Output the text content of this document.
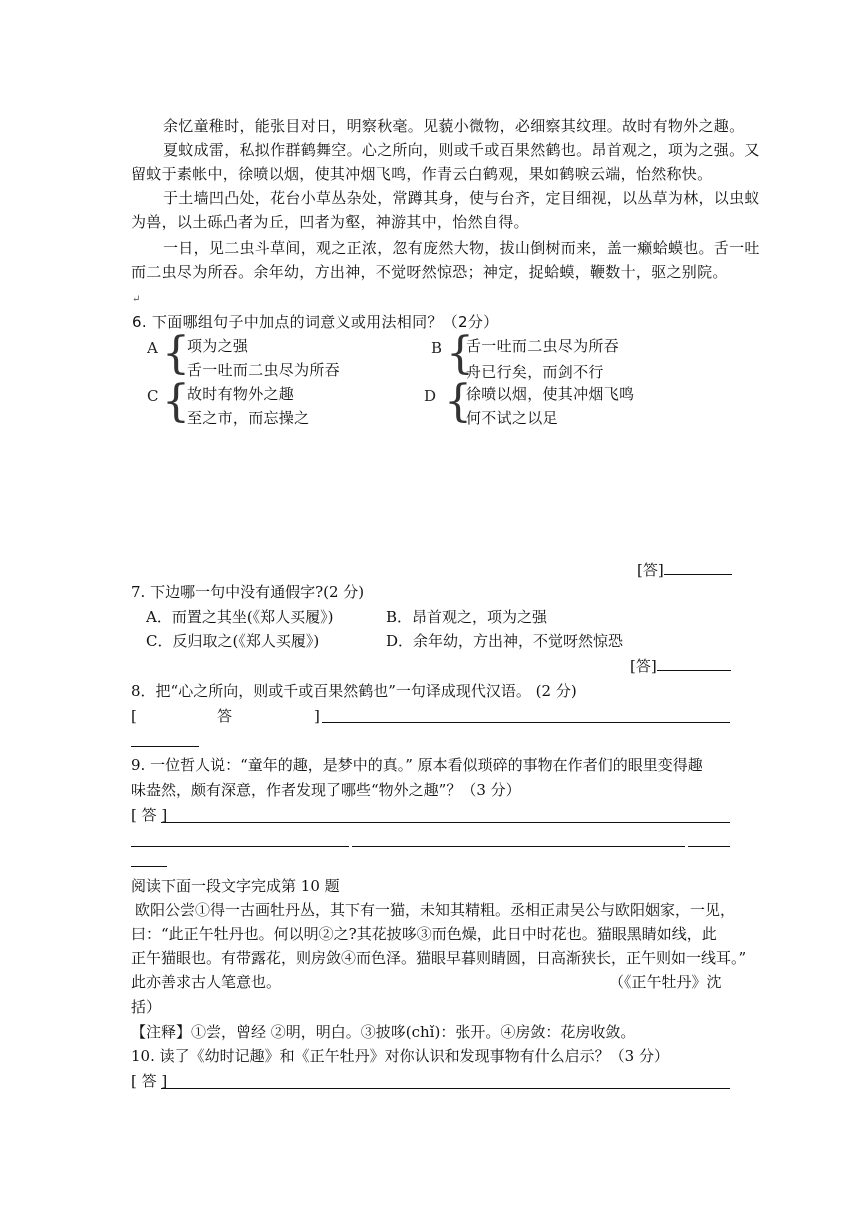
余忆童稚时，能张目对日，明察秋毫。见藐小微物，必细察其纹理。故时有物外之趣。
夏蚊成雷，私拟作群鹤舞空。心之所向，则或千或百果然鹤也。昂首观之，项为之强。又
留蚊于素帐中，徐喷以烟，使其冲烟飞鸣，作青云白鹤观，果如鹤唳云端，怡然称快。
于土墙凹凸处，花台小草丛杂处，常蹲其身，使与台齐，定目细视，以丛草为林，以虫蚁
为兽，以土砾凸者为丘，凹者为壑，神游其中，怡然自得。
一日，见二虫斗草间，观之正浓，忽有庞然大物，拔山倒树而来，盖一癞蛤蟆也。舌一吐
而二虫尽为所吞。余年幼，方出神，不觉呀然惊恐；神定，捉蛤蟆，鞭数十，驱之别院。
↵
6. 下面哪组句子中加点的词意义或用法相同？（2分）
A {
项为之强
舌一吐而二虫尽为所吞
B {
舌一吐而二虫尽为所吞
舟已行矣，而剑不行
C {
故时有物外之趣
至之市，而忘操之
D {
徐喷以烟，使其冲烟飞鸣
何不试之以足
[答]
7. 下边哪一句中没有通假字?(2 分)
A．而置之其坐(《郑人买履》)	B．昂首观之，项为之强
C．反归取之(《郑人买履》)	D．余年幼，方出神，不觉呀然惊恐
[答]
8．把“心之所向，则或千或百果然鹤也”一句译成现代汉语。 (2 分)
[	答	]
9. 一位哲人说：“童年的趣，是梦中的真。” 原本看似琐碎的事物在作者们的眼里变得趣
味盎然，颇有深意，作者发现了哪些“物外之趣”？（3 分）
[ 答 ]
阅读下面一段文字完成第 10 题
欧阳公尝①得一古画牡丹丛，其下有一猫，未知其精粗。丞相正肃吴公与欧阳姻家，一见，
曰：“此正午牡丹也。何以明②之?其花披哆③而色燥，此日中时花也。猫眼黑睛如线，此
正午猫眼也。有带露花，则房敛④而色泽。猫眼早暮则睛圆，日高渐狭长，正午则如一线耳。”
此亦善求古人笔意也。	（《正午牡丹》沈
括）
【注释】①尝，曾经 ②明，明白。③披哆(chǐ)：张开。④房敛：花房收敛。
10. 读了《幼时记趣》和《正午牡丹》对你认识和发现事物有什么启示？（3 分）
[ 答 ]
